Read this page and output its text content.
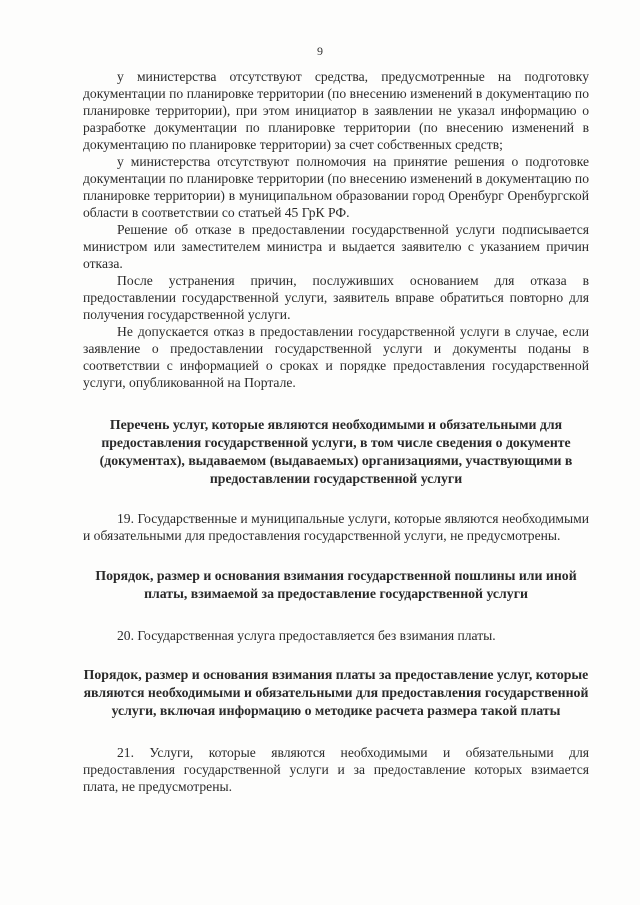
9

у министерства отсутствуют средства, предусмотренные на подготовку документации по планировке территории (по внесению изменений в документацию по планировке территории), при этом инициатор в заявлении не указал информацию о разработке документации по планировке территории (по внесению изменений в документацию по планировке территории) за счет собственных средств;

у министерства отсутствуют полномочия на принятие решения о подготовке документации по планировке территории (по внесению изменений в документацию по планировке территории) в муниципальном образовании город Оренбург Оренбургской области в соответствии со статьей 45 ГрК РФ.

Решение об отказе в предоставлении государственной услуги подписывается министром или заместителем министра и выдается заявителю с указанием причин отказа.

После устранения причин, послуживших основанием для отказа в предоставлении государственной услуги, заявитель вправе обратиться повторно для получения государственной услуги.

Не допускается отказ в предоставлении государственной услуги в случае, если заявление о предоставлении государственной услуги и документы поданы в соответствии с информацией о сроках и порядке предоставления государственной услуги, опубликованной на Портале.

Перечень услуг, которые являются необходимыми и обязательными для предоставления государственной услуги, в том числе сведения о документе (документах), выдаваемом (выдаваемых) организациями, участвующими в предоставлении государственной услуги

19. Государственные и муниципальные услуги, которые являются необходимыми и обязательными для предоставления государственной услуги, не предусмотрены.

Порядок, размер и основания взимания государственной пошлины или иной платы, взимаемой за предоставление государственной услуги

20. Государственная услуга предоставляется без взимания платы.

Порядок, размер и основания взимания платы за предоставление услуг, которые являются необходимыми и обязательными для предоставления государственной услуги, включая информацию о методике расчета размера такой платы

21. Услуги, которые являются необходимыми и обязательными для предоставления государственной услуги и за предоставление которых взимается плата, не предусмотрены.
